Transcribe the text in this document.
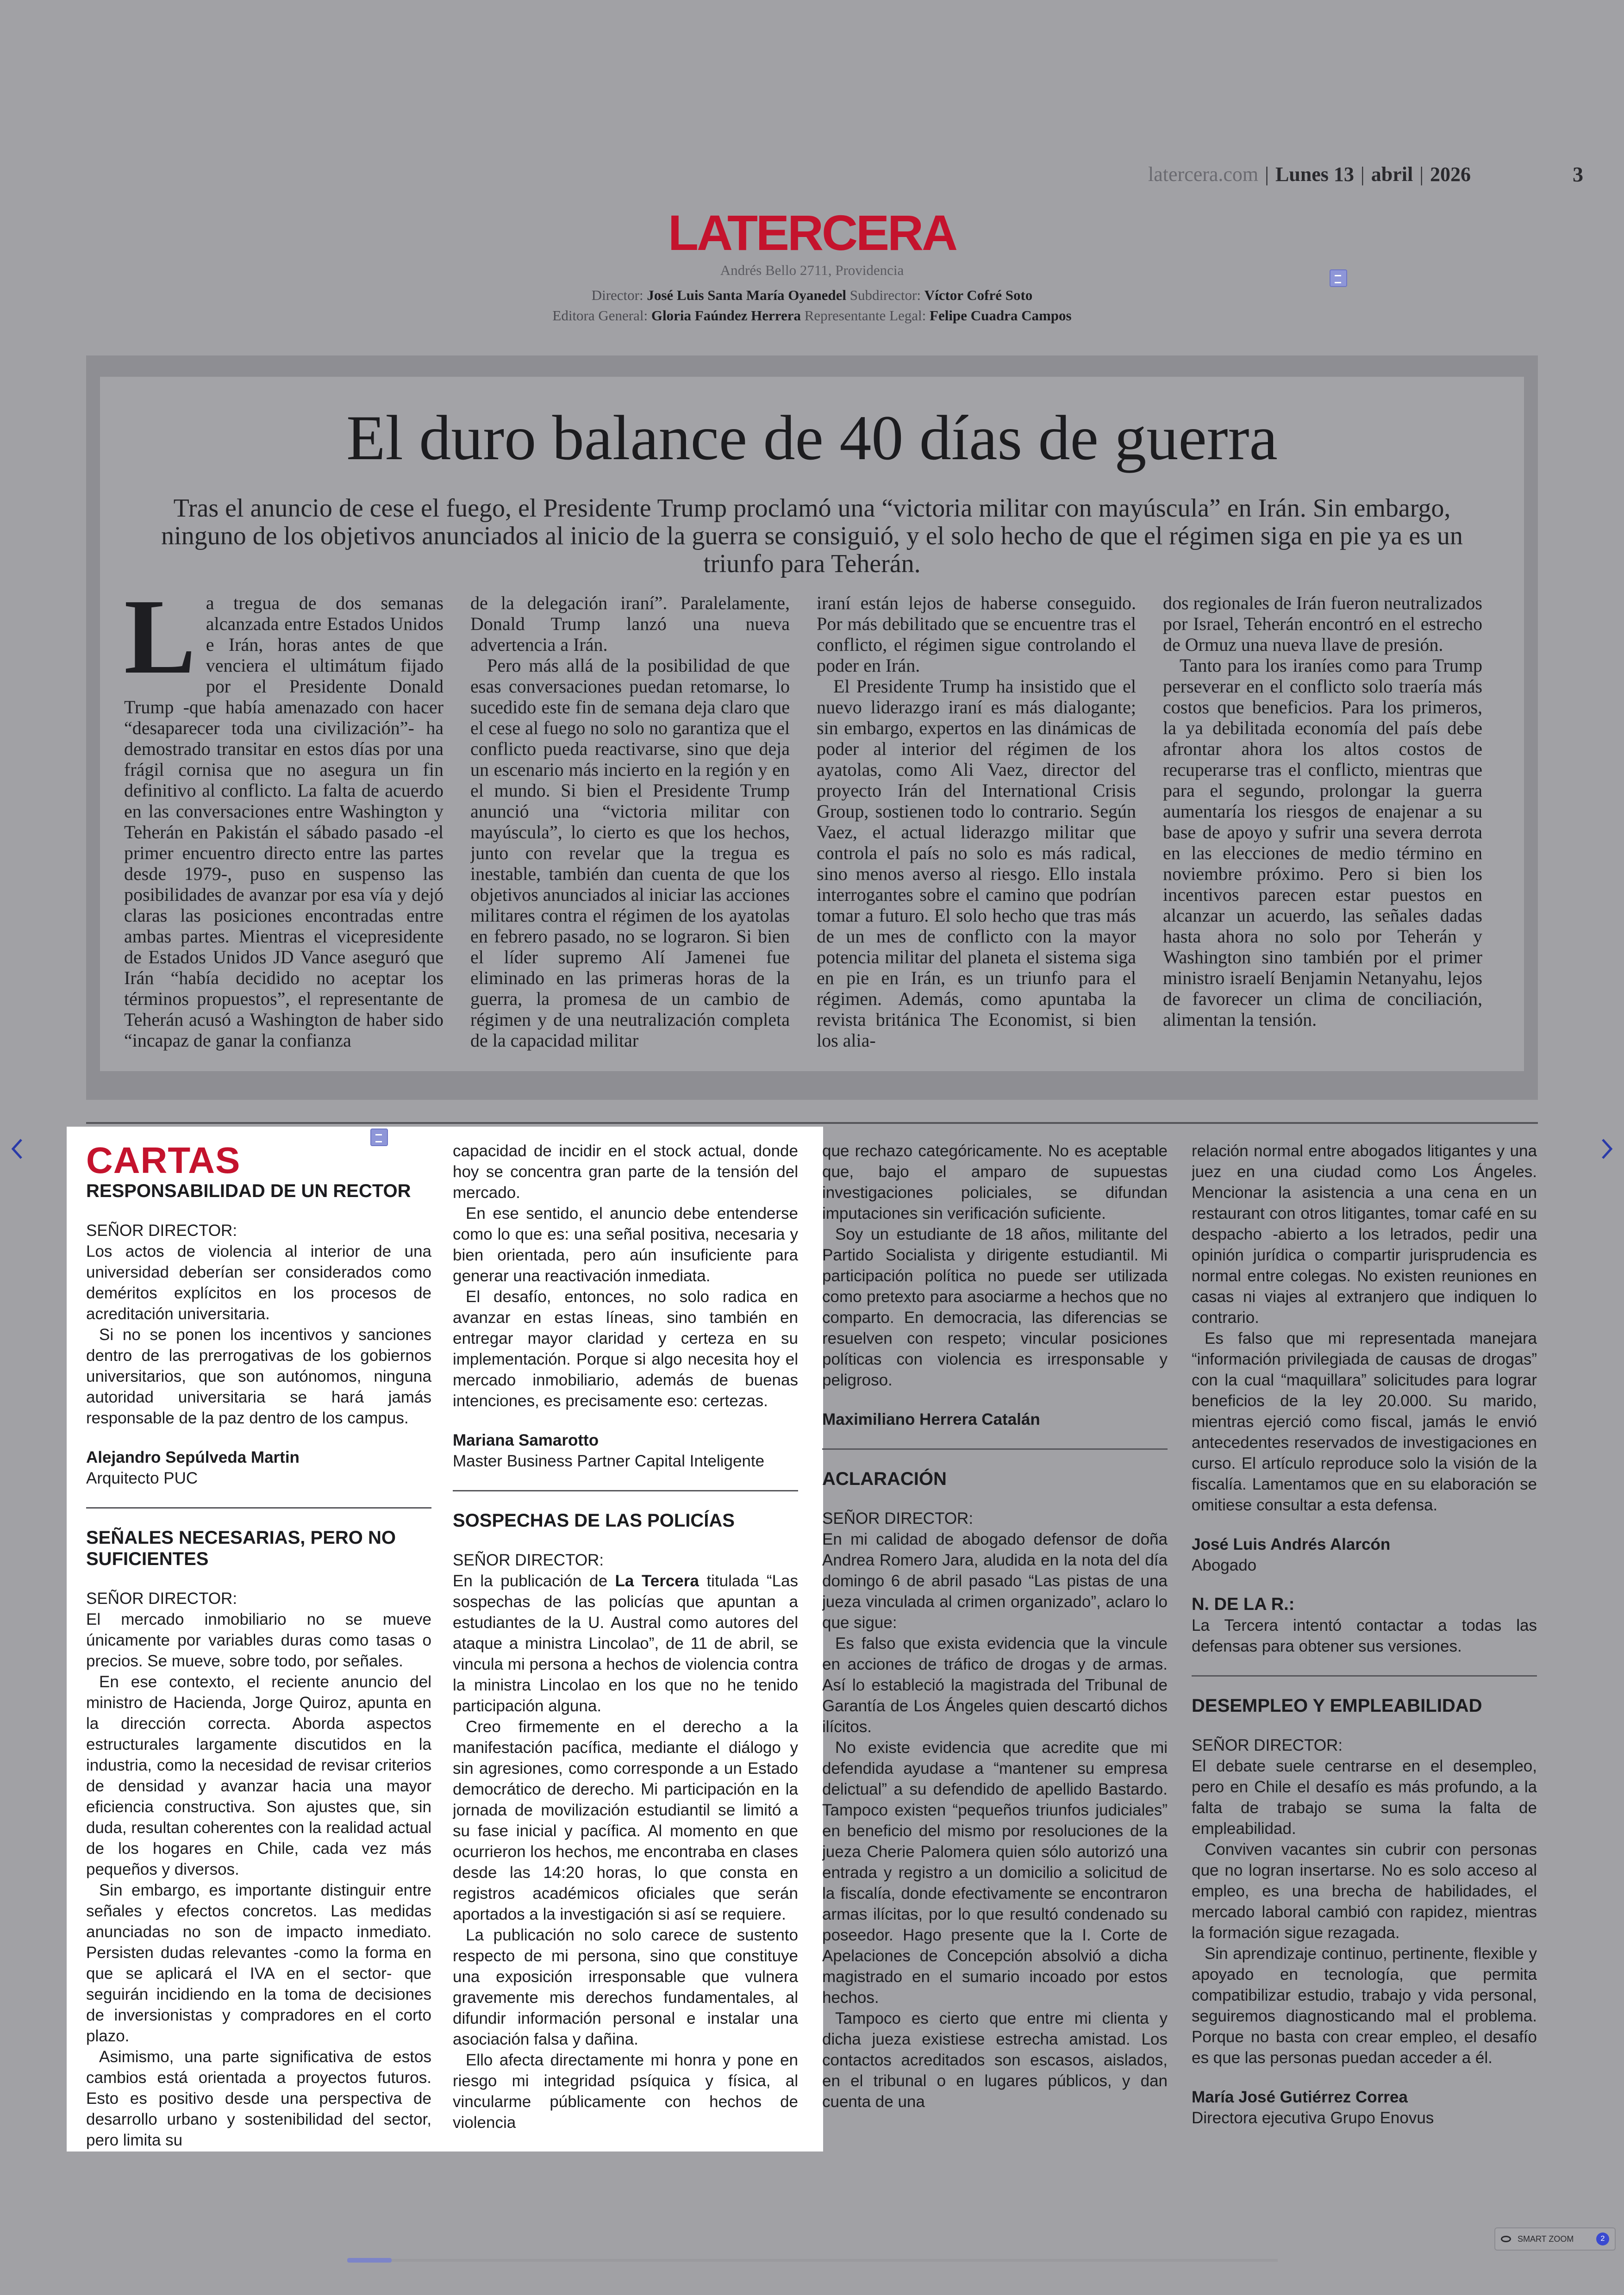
latercera.com | Lunes 13 | abril | 2026	3
LATERCERA
Andrés Bello 2711, Providencia
Director: José Luis Santa María Oyanedel Subdirector: Víctor Cofré Soto
Editora General: Gloria Faúndez Herrera Representante Legal: Felipe Cuadra Campos
El duro balance de 40 días de guerra
Tras el anuncio de cese el fuego, el Presidente Trump proclamó una “victoria militar con mayúscula” en Irán. Sin embargo, ninguno de los objetivos anunciados al inicio de la guerra se consiguió, y el solo hecho de que el régimen siga en pie ya es un triunfo para Teherán.
L a tregua de dos semanas alcanzada entre Estados Unidos e Irán, horas antes de que venciera el ultimátum fijado por el Presidente Donald Trump -que había amenazado con hacer “desaparecer toda una civilización”- ha demostrado transitar en estos días por una frágil cornisa que no asegura un fin definitivo al conflicto. La falta de acuerdo en las conversaciones entre Washington y Teherán en Pakistán el sábado pasado -el primer encuentro directo entre las partes desde 1979-, puso en suspenso las posibilidades de avanzar por esa vía y dejó claras las posiciones encontradas entre ambas partes. Mientras el vicepresidente de Estados Unidos JD Vance aseguró que Irán “había decidido no aceptar los términos propuestos”, el representante de Teherán acusó a Washington de haber sido “incapaz de ganar la confianza

de la delegación iraní”. Paralelamente, Donald Trump lanzó una nueva advertencia a Irán.

Pero más allá de la posibilidad de que esas conversaciones puedan retomarse, lo sucedido este fin de semana deja claro que el cese al fuego no solo no garantiza que el conflicto pueda reactivarse, sino que deja un escenario más incierto en la región y en el mundo. Si bien el Presidente Trump anunció una “victoria militar con mayúscula”, lo cierto es que los hechos, junto con revelar que la tregua es inestable, también dan cuenta de que los objetivos anunciados al iniciar las acciones militares contra el régimen de los ayatolas en febrero pasado, no se lograron. Si bien el líder supremo Alí Jamenei fue eliminado en las primeras horas de la guerra, la promesa de un cambio de régimen y de una neutralización completa de la capacidad militar

iraní están lejos de haberse conseguido. Por más debilitado que se encuentre tras el conflicto, el régimen sigue controlando el poder en Irán.

El Presidente Trump ha insistido que el nuevo liderazgo iraní es más dialogante; sin embargo, expertos en las dinámicas de poder al interior del régimen de los ayatolas, como Ali Vaez, director del proyecto Irán del International Crisis Group, sostienen todo lo contrario. Según Vaez, el actual liderazgo militar que controla el país no solo es más radical, sino menos averso al riesgo. Ello instala interrogantes sobre el camino que podrían tomar a futuro. El solo hecho que tras más de un mes de conflicto con la mayor potencia militar del planeta el sistema siga en pie en Irán, es un triunfo para el régimen. Además, como apuntaba la revista británica The Economist, si bien los alia-

dos regionales de Irán fueron neutralizados por Israel, Teherán encontró en el estrecho de Ormuz una nueva llave de presión.

Tanto para los iraníes como para Trump perseverar en el conflicto solo traería más costos que beneficios. Para los primeros, la ya debilitada economía del país debe afrontar ahora los altos costos de recuperarse tras el conflicto, mientras que para el segundo, prolongar la guerra aumentaría los riesgos de enajenar a su base de apoyo y sufrir una severa derrota en las elecciones de medio término en noviembre próximo. Pero si bien los incentivos parecen estar puestos en alcanzar un acuerdo, las señales dadas hasta ahora no solo por Teherán y Washington sino también por el primer ministro israelí Benjamin Netanyahu, lejos de favorecer un clima de conciliación, alimentan la tensión.

CARTAS
RESPONSABILIDAD DE UN RECTOR

SEÑOR DIRECTOR:

Los actos de violencia al interior de una universidad deberían ser considerados como deméritos explícitos en los procesos de acreditación universitaria.

Si no se ponen los incentivos y sanciones dentro de las prerrogativas de los gobiernos universitarios, que son autónomos, ninguna autoridad universitaria se hará jamás responsable de la paz dentro de los campus.

Alejandro Sepúlveda Martin

Arquitecto PUC

SEÑALES NECESARIAS, PERO NO SUFICIENTES

SEÑOR DIRECTOR:

El mercado inmobiliario no se mueve únicamente por variables duras como tasas o precios. Se mueve, sobre todo, por señales.

En ese contexto, el reciente anuncio del ministro de Hacienda, Jorge Quiroz, apunta en la dirección correcta. Aborda aspectos estructurales largamente discutidos en la industria, como la necesidad de revisar criterios de densidad y avanzar hacia una mayor eficiencia constructiva. Son ajustes que, sin duda, resultan coherentes con la realidad actual de los hogares en Chile, cada vez más pequeños y diversos.

Sin embargo, es importante distinguir entre señales y efectos concretos. Las medidas anunciadas no son de impacto inmediato. Persisten dudas relevantes -como la forma en que se aplicará el IVA en el sector- que seguirán incidiendo en la toma de decisiones de inversionistas y compradores en el corto plazo.

Asimismo, una parte significativa de estos cambios está orientada a proyectos futuros. Esto es positivo desde una perspectiva de desarrollo urbano y sostenibilidad del sector, pero limita su

capacidad de incidir en el stock actual, donde hoy se concentra gran parte de la tensión del mercado.

En ese sentido, el anuncio debe entenderse como lo que es: una señal positiva, necesaria y bien orientada, pero aún insuficiente para generar una reactivación inmediata.

El desafío, entonces, no solo radica en avanzar en estas líneas, sino también en entregar mayor claridad y certeza en su implementación. Porque si algo necesita hoy el mercado inmobiliario, además de buenas intenciones, es precisamente eso: certezas.

Mariana Samarotto

Master Business Partner Capital Inteligente

SOSPECHAS DE LAS POLICÍAS

SEÑOR DIRECTOR:

En la publicación de La Tercera titulada “Las sospechas de las policías que apuntan a estudiantes de la U. Austral como autores del ataque a ministra Lincolao”, de 11 de abril, se vincula mi persona a hechos de violencia contra la ministra Lincolao en los que no he tenido participación alguna.

Creo firmemente en el derecho a la manifestación pacífica, mediante el diálogo y sin agresiones, como corresponde a un Estado democrático de derecho. Mi participación en la jornada de movilización estudiantil se limitó a su fase inicial y pacífica. Al momento en que ocurrieron los hechos, me encontraba en clases desde las 14:20 horas, lo que consta en registros académicos oficiales que serán aportados a la investigación si así se requiere.

La publicación no solo carece de sustento respecto de mi persona, sino que constituye una exposición irresponsable que vulnera gravemente mis derechos fundamentales, al difundir información personal e instalar una asociación falsa y dañina.

Ello afecta directamente mi honra y pone en riesgo mi integridad psíquica y física, al vincularme públicamente con hechos de violencia

que rechazo categóricamente. No es aceptable que, bajo el amparo de supuestas investigaciones policiales, se difundan imputaciones sin verificación suficiente.

Soy un estudiante de 18 años, militante del Partido Socialista y dirigente estudiantil. Mi participación política no puede ser utilizada como pretexto para asociarme a hechos que no comparto. En democracia, las diferencias se resuelven con respeto; vincular posiciones políticas con violencia es irresponsable y peligroso.

Maximiliano Herrera Catalán

ACLARACIÓN

SEÑOR DIRECTOR:

En mi calidad de abogado defensor de doña Andrea Romero Jara, aludida en la nota del día domingo 6 de abril pasado “Las pistas de una jueza vinculada al crimen organizado”, aclaro lo que sigue:

Es falso que exista evidencia que la vincule en acciones de tráfico de drogas y de armas. Así lo estableció la magistrada del Tribunal de Garantía de Los Ángeles quien descartó dichos ilícitos.

No existe evidencia que acredite que mi defendida ayudase a “mantener su empresa delictual” a su defendido de apellido Bastardo. Tampoco existen “pequeños triunfos judiciales” en beneficio del mismo por resoluciones de la jueza Cherie Palomera quien sólo autorizó una entrada y registro a un domicilio a solicitud de la fiscalía, donde efectivamente se encontraron armas ilícitas, por lo que resultó condenado su poseedor. Hago presente que la I. Corte de Apelaciones de Concepción absolvió a dicha magistrado en el sumario incoado por estos hechos.

Tampoco es cierto que entre mi clienta y dicha jueza existiese estrecha amistad. Los contactos acreditados son escasos, aislados, en el tribunal o en lugares públicos, y dan cuenta de una

relación normal entre abogados litigantes y una juez en una ciudad como Los Ángeles. Mencionar la asistencia a una cena en un restaurant con otros litigantes, tomar café en su despacho -abierto a los letrados, pedir una opinión jurídica o compartir jurisprudencia es normal entre colegas. No existen reuniones en casas ni viajes al extranjero que indiquen lo contrario.

Es falso que mi representada manejara “información privilegiada de causas de drogas” con la cual “maquillara” solicitudes para lograr beneficios de la ley 20.000. Su marido, mientras ejerció como fiscal, jamás le envió antecedentes reservados de investigaciones en curso. El artículo reproduce solo la visión de la fiscalía. Lamentamos que en su elaboración se omitiese consultar a esta defensa.

José Luis Andrés Alarcón

Abogado

N. DE LA R.:

La Tercera intentó contactar a todas las defensas para obtener sus versiones.

DESEMPLEO Y EMPLEABILIDAD

SEÑOR DIRECTOR:

El debate suele centrarse en el desempleo, pero en Chile el desafío es más profundo, a la falta de trabajo se suma la falta de empleabilidad.

Conviven vacantes sin cubrir con personas que no logran insertarse. No es solo acceso al empleo, es una brecha de habilidades, el mercado laboral cambió con rapidez, mientras la formación sigue rezagada.

Sin aprendizaje continuo, pertinente, flexible y apoyado en tecnología, que permita compatibilizar estudio, trabajo y vida personal, seguiremos diagnosticando mal el problema. Porque no basta con crear empleo, el desafío es que las personas puedan acceder a él.

María José Gutiérrez Correa

Directora ejecutiva Grupo Enovus

SMART ZOOM	2
